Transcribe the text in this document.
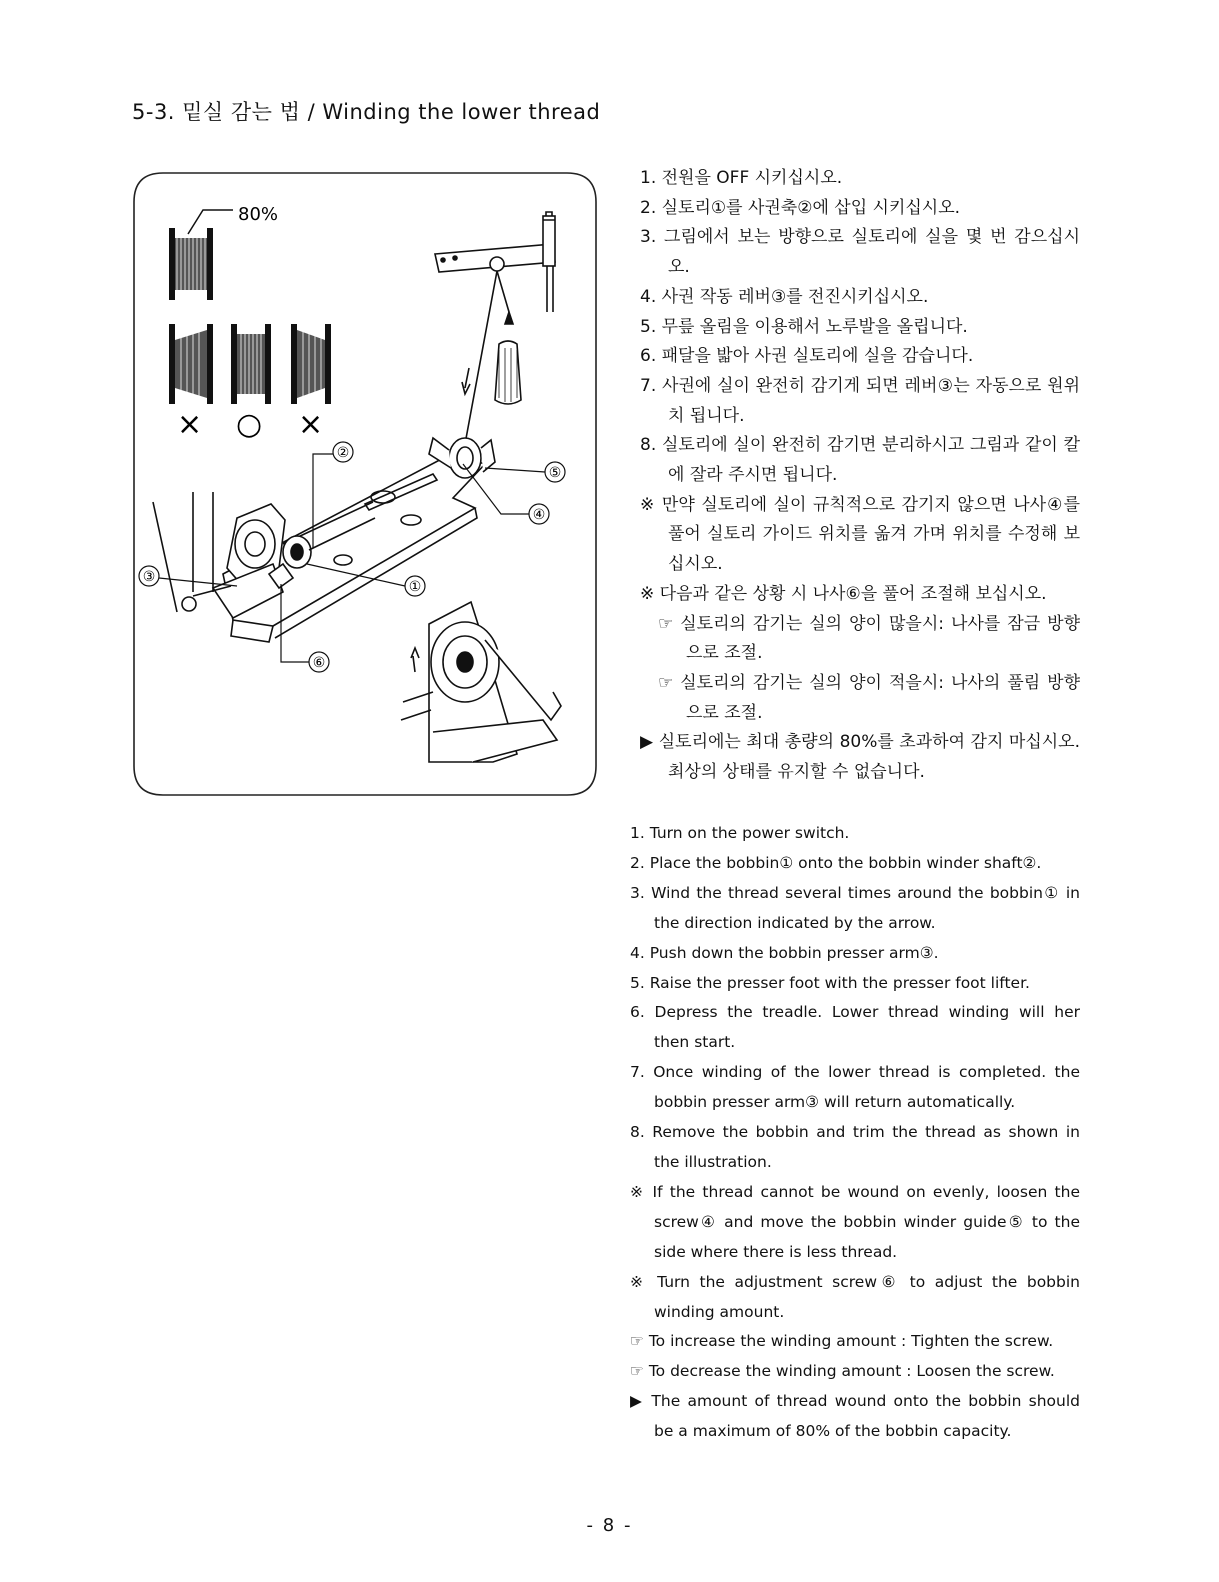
5-3. 밑실 감는 법 / Winding the lower thread
80%
× ○ ×
②
⑤
④
③
①
⑥
1. 전원을 OFF 시키십시오.
2. 실토리①를 사권축②에 삽입 시키십시오.
3. 그림에서 보는 방향으로 실토리에 실을 몇 번 감으십시오.
4. 사권 작동 레버③를 전진시키십시오.
5. 무릎 올림을 이용해서 노루발을 올립니다.
6. 패달을 밟아 사권 실토리에 실을 감습니다.
7. 사권에 실이 완전히 감기게 되면 레버③는 자동으로 원위치 됩니다.
8. 실토리에 실이 완전히 감기면 분리하시고 그림과 같이 칼에 잘라 주시면 됩니다.
※ 만약 실토리에 실이 규칙적으로 감기지 않으면 나사④를 풀어 실토리 가이드 위치를 옮겨 가며 위치를 수정해 보십시오.
※ 다음과 같은 상황 시 나사⑥을 풀어 조절해 보십시오.
☞ 실토리의 감기는 실의 양이 많을시: 나사를 잠금 방향으로 조절.
☞ 실토리의 감기는 실의 양이 적을시: 나사의 풀림 방향으로 조절.
▶ 실토리에는 최대 총량의 80%를 초과하여 감지 마십시오. 최상의 상태를 유지할 수 없습니다.
1. Turn on the power switch.
2. Place the bobbin① onto the bobbin winder shaft②.
3. Wind the thread several times around the bobbin① in the direction indicated by the arrow.
4. Push down the bobbin presser arm③.
5. Raise the presser foot with the presser foot lifter.
6. Depress the treadle. Lower thread winding will her then start.
7. Once winding of the lower thread is completed. the bobbin presser arm③ will return automatically.
8. Remove the bobbin and trim the thread as shown in the illustration.
※ If the thread cannot be wound on evenly, loosen the screw④ and move the bobbin winder guide⑤ to the side where there is less thread.
※ Turn the adjustment screw⑥ to adjust the bobbin winding amount.
☞ To increase the winding amount : Tighten the screw.
☞ To decrease the winding amount : Loosen the screw.
▶ The amount of thread wound onto the bobbin should be a maximum of 80% of the bobbin capacity.
- 8 -
